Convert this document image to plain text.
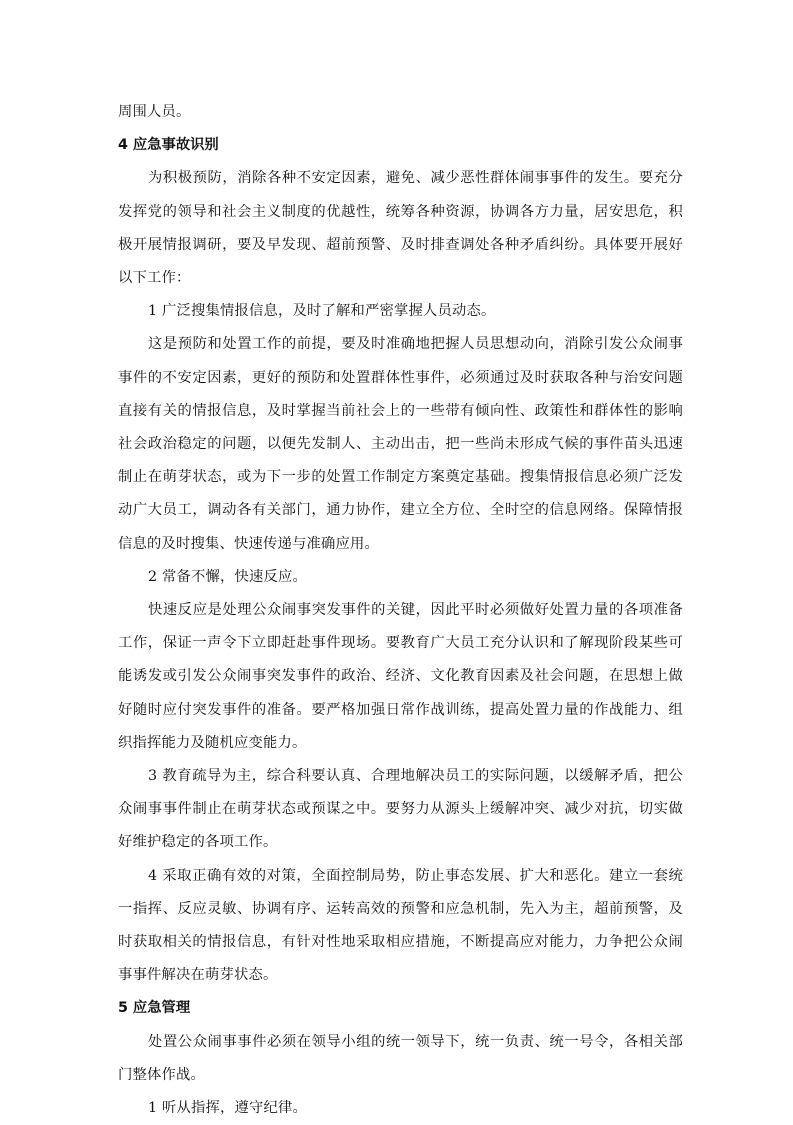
周围人员。

4 应急事故识别

为积极预防，消除各种不安定因素，避免、减少恶性群体闹事事件的发生。要充分发挥党的领导和社会主义制度的优越性，统筹各种资源，协调各方力量，居安思危，积极开展情报调研，要及早发现、超前预警、及时排查调处各种矛盾纠纷。具体要开展好以下工作：

1 广泛搜集情报信息，及时了解和严密掌握人员动态。

这是预防和处置工作的前提，要及时准确地把握人员思想动向，消除引发公众闹事事件的不安定因素，更好的预防和处置群体性事件，必须通过及时获取各种与治安问题直接有关的情报信息，及时掌握当前社会上的一些带有倾向性、政策性和群体性的影响社会政治稳定的问题，以便先发制人、主动出击，把一些尚未形成气候的事件苗头迅速制止在萌芽状态，或为下一步的处置工作制定方案奠定基础。搜集情报信息必须广泛发动广大员工，调动各有关部门，通力协作，建立全方位、全时空的信息网络。保障情报信息的及时搜集、快速传递与准确应用。

2 常备不懈，快速反应。

快速反应是处理公众闹事突发事件的关键，因此平时必须做好处置力量的各项准备工作，保证一声令下立即赶赴事件现场。要教育广大员工充分认识和了解现阶段某些可能诱发或引发公众闹事突发事件的政治、经济、文化教育因素及社会问题，在思想上做好随时应付突发事件的准备。要严格加强日常作战训练，提高处置力量的作战能力、组织指挥能力及随机应变能力。

3 教育疏导为主，综合科要认真、合理地解决员工的实际问题，以缓解矛盾，把公众闹事事件制止在萌芽状态或预谋之中。要努力从源头上缓解冲突、减少对抗，切实做好维护稳定的各项工作。

4 采取正确有效的对策，全面控制局势，防止事态发展、扩大和恶化。建立一套统一指挥、反应灵敏、协调有序、运转高效的预警和应急机制，先入为主，超前预警，及时获取相关的情报信息，有针对性地采取相应措施，不断提高应对能力，力争把公众闹事事件解决在萌芽状态。

5 应急管理

处置公众闹事事件必须在领导小组的统一领导下，统一负责、统一号令，各相关部门整体作战。

1 听从指挥，遵守纪律。
